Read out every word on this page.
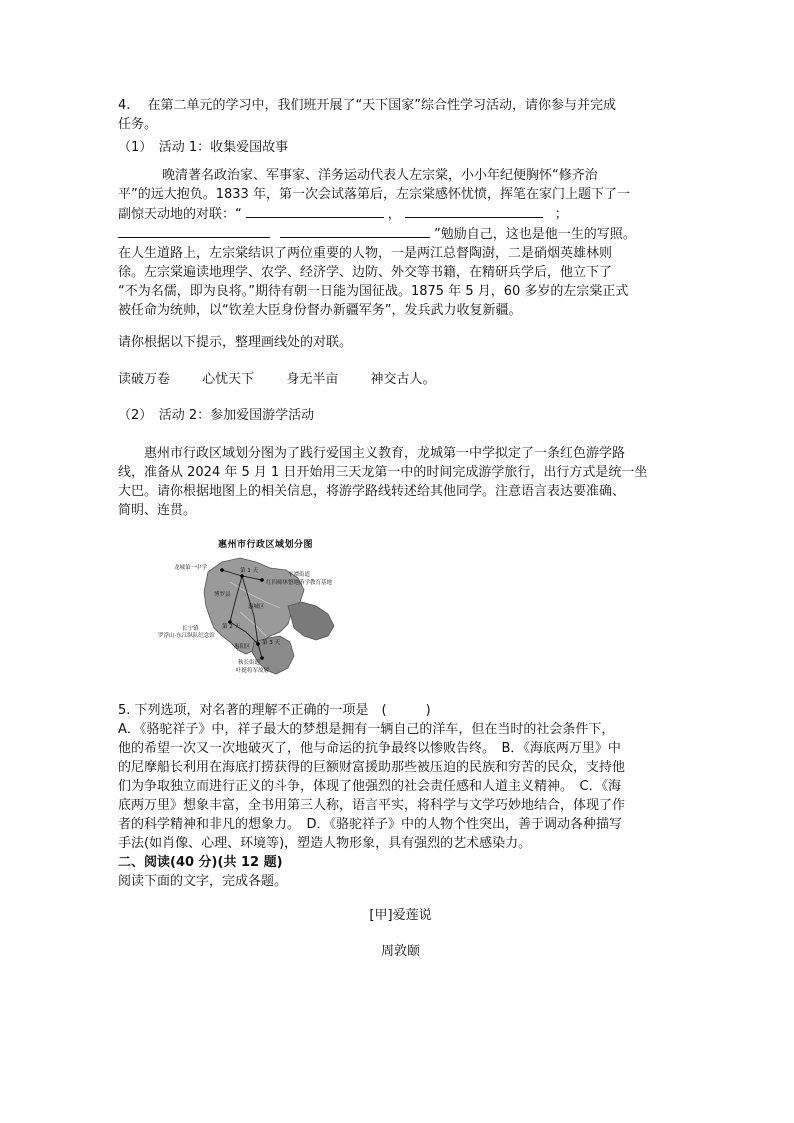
4.　 在第二单元的学习中，我们班开展了“天下国家”综合性学习活动，请你参与并完成
任务。
（1）　活动 1：收集爱国故事
晚清著名政治家、军事家、洋务运动代表人左宗棠，小小年纪便胸怀“修齐治
平”的远大抱负。1833 年，第一次会试落第后，左宗棠感怀忧愤，挥笔在家门上题下了一
副惊天动地的对联：“	，	；
”勉励自己，这也是他一生的写照。
在人生道路上，左宗棠结识了两位重要的人物，一是两江总督陶澍，二是硝烟英雄林则
徐。左宗棠遍读地理学、农学、经济学、边防、外交等书籍，在精研兵学后，他立下了
“不为名儒，即为良将。”期待有朝一日能为国征战。1875 年 5 月，60 多岁的左宗棠正式
被任命为统帅，以“钦差大臣身份督办新疆军务”，发兵武力收复新疆。
请你根据以下提示，整理画线处的对联。
读破万卷 心忧天下 身无半亩 神交古人。
（2）　活动 2：参加爱国游学活动
惠州市行政区域划分图为了践行爱国主义教育，龙城第一中学拟定了一条红色游学路
线，准备从 2024 年 5 月 1 日开始用三天龙第一中的时间完成游学旅行，出行方式是统一坐
大巴。请你根据地图上的相关信息，将游学路线转述给其他同学。注意语言表达要准确、
简明、连贯。
惠州市行政区域划分图
龙城第一中学	第 1 天
平潭街道
红四师休整地游学教育基地
博罗县
惠城区
长宁镇
罗浮山·东江纵队纪念馆
第 2 天
第 3 天
惠阳区
秋长街道
叶挺将军故居
5. 下列选项，对名著的理解不正确的一项是　(　　　)
A．《骆驼祥子》中，祥子最大的梦想是拥有一辆自己的洋车，但在当时的社会条件下，
他的希望一次又一次地破灭了，他与命运的抗争最终以惨败告终。　B．《海底两万里》中
的尼摩船长利用在海底打捞获得的巨额财富援助那些被压迫的民族和穷苦的民众，支持他
们为争取独立而进行正义的斗争，体现了他强烈的社会责任感和人道主义精神。　C．《海
底两万里》想象丰富，全书用第三人称，语言平实，将科学与文学巧妙地结合，体现了作
者的科学精神和非凡的想象力。　D．《骆驼祥子》中的人物个性突出，善于调动各种描写
手法(如肖像、心理、环境等)，塑造人物形象，具有强烈的艺术感染力。
二、阅读(40 分)(共 12 题)
阅读下面的文字，完成各题。
[甲]爱莲说
周敦颐
